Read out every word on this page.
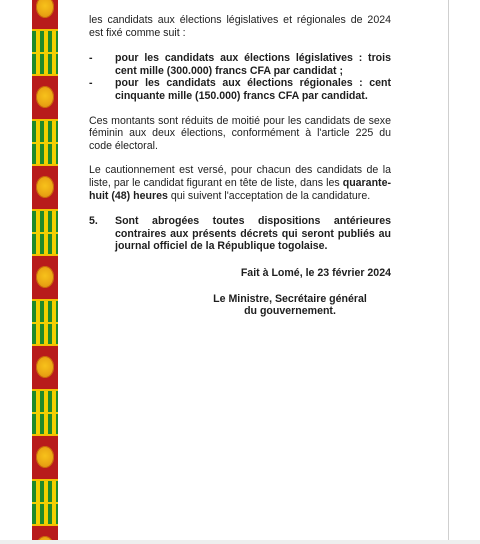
les candidats aux élections législatives et régionales de 2024 est fixé comme suit :

-	pour les candidats aux élections législatives : trois cent mille (300.000) francs CFA par candidat ;
-	pour les candidats aux élections régionales : cent cinquante mille (150.000) francs CFA par candidat.

Ces montants sont réduits de moitié pour les candidats de sexe féminin aux deux élections, conformément à l'article 225 du code électoral.

Le cautionnement est versé, pour chacun des candidats de la liste, par le candidat figurant en tête de liste, dans les quarante-huit (48) heures qui suivent l'acceptation de la candidature.

5.	Sont abrogées toutes dispositions antérieures contraires aux présents décrets qui seront publiés au journal officiel de la République togolaise.

Fait à Lomé, le 23 février 2024

Le Ministre, Secrétaire général

du gouvernement.
